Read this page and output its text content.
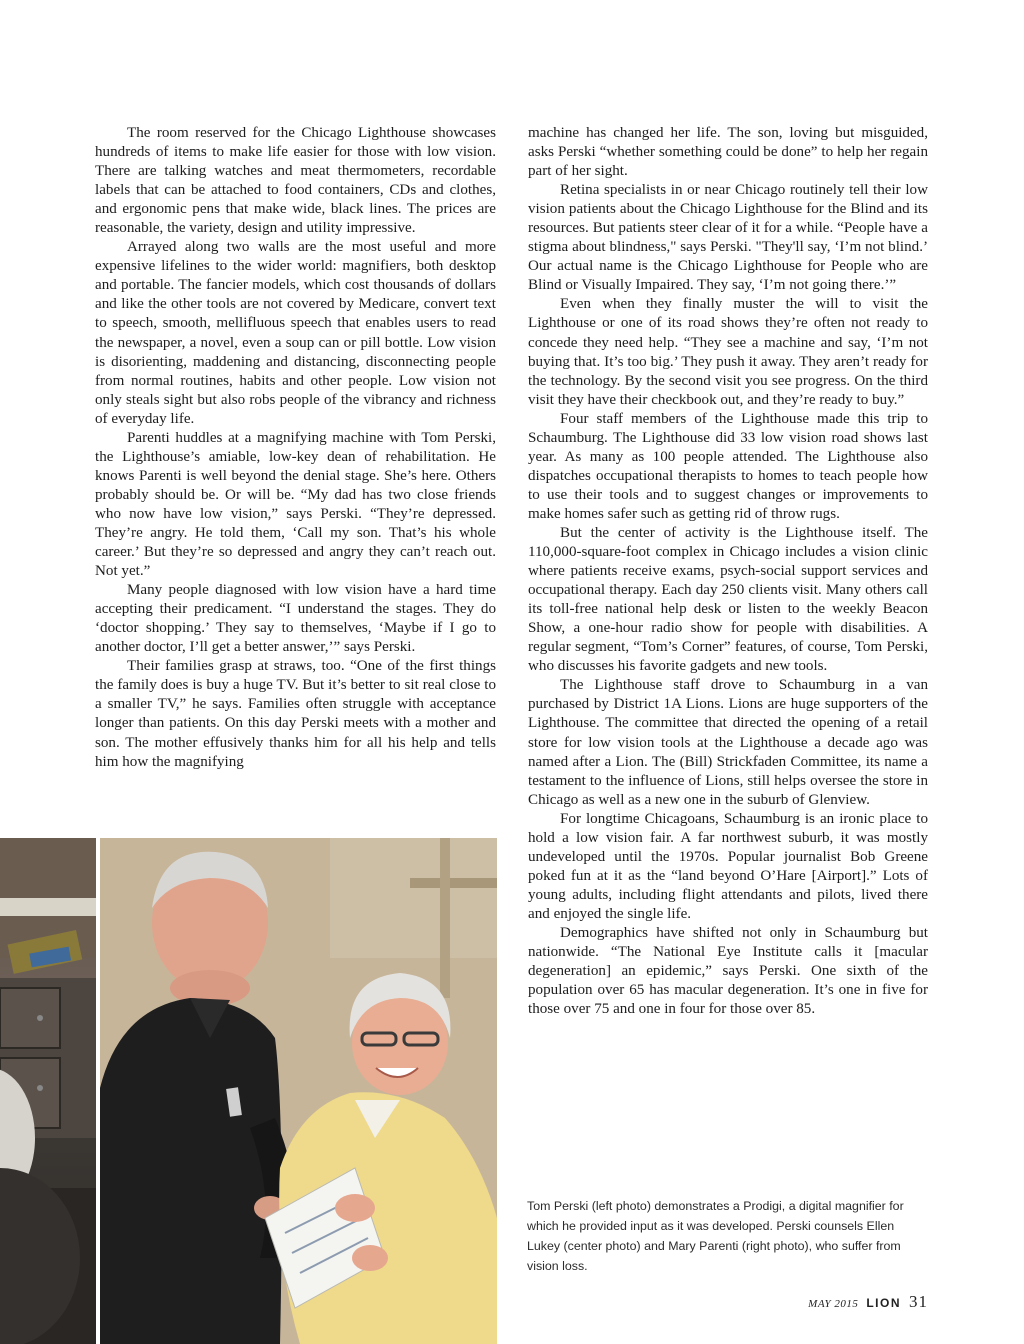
The room reserved for the Chicago Lighthouse showcases hundreds of items to make life easier for those with low vision. There are talking watches and meat thermometers, recordable labels that can be attached to food containers, CDs and clothes, and ergonomic pens that make wide, black lines. The prices are reasonable, the variety, design and utility impressive.

Arrayed along two walls are the most useful and more expensive lifelines to the wider world: magnifiers, both desktop and portable. The fancier models, which cost thousands of dollars and like the other tools are not covered by Medicare, convert text to speech, smooth, mellifluous speech that enables users to read the newspaper, a novel, even a soup can or pill bottle. Low vision is disorienting, maddening and distancing, disconnecting people from normal routines, habits and other people. Low vision not only steals sight but also robs people of the vibrancy and richness of everyday life.

Parenti huddles at a magnifying machine with Tom Perski, the Lighthouse’s amiable, low-key dean of rehabilitation. He knows Parenti is well beyond the denial stage. She’s here. Others probably should be. Or will be. “My dad has two close friends who now have low vision,” says Perski. “They’re depressed. They’re angry. He told them, ‘Call my son. That’s his whole career.’ But they’re so depressed and angry they can’t reach out. Not yet.”

Many people diagnosed with low vision have a hard time accepting their predicament. “I understand the stages. They do ‘doctor shopping.’ They say to themselves, ‘Maybe if I go to another doctor, I’ll get a better answer,’” says Perski.

Their families grasp at straws, too. “One of the first things the family does is buy a huge TV. But it’s better to sit real close to a smaller TV,” he says. Families often struggle with acceptance longer than patients. On this day Perski meets with a mother and son. The mother effusively thanks him for all his help and tells him how the magnifying

machine has changed her life. The son, loving but misguided, asks Perski “whether something could be done” to help her regain part of her sight.

Retina specialists in or near Chicago routinely tell their low vision patients about the Chicago Lighthouse for the Blind and its resources. But patients steer clear of it for a while. “People have a stigma about blindness," says Perski. "They'll say, ‘I’m not blind.’ Our actual name is the Chicago Lighthouse for People who are Blind or Visually Impaired. They say, ‘I’m not going there.’”

Even when they finally muster the will to visit the Lighthouse or one of its road shows they’re often not ready to concede they need help. “They see a machine and say, ‘I’m not buying that. It’s too big.’ They push it away. They aren’t ready for the technology. By the second visit you see progress. On the third visit they have their checkbook out, and they’re ready to buy.”

Four staff members of the Lighthouse made this trip to Schaumburg. The Lighthouse did 33 low vision road shows last year. As many as 100 people attended. The Lighthouse also dispatches occupational therapists to homes to teach people how to use their tools and to suggest changes or improvements to make homes safer such as getting rid of throw rugs.

But the center of activity is the Lighthouse itself. The 110,000-square-foot complex in Chicago includes a vision clinic where patients receive exams, psych-social support services and occupational therapy. Each day 250 clients visit. Many others call its toll-free national help desk or listen to the weekly Beacon Show, a one-hour radio show for people with disabilities. A regular segment, “Tom’s Corner” features, of course, Tom Perski, who discusses his favorite gadgets and new tools.

The Lighthouse staff drove to Schaumburg in a van purchased by District 1A Lions. Lions are huge supporters of the Lighthouse. The committee that directed the opening of a retail store for low vision tools at the Lighthouse a decade ago was named after a Lion. The (Bill) Strickfaden Committee, its name a testament to the influence of Lions, still helps oversee the store in Chicago as well as a new one in the suburb of Glenview.

For longtime Chicagoans, Schaumburg is an ironic place to hold a low vision fair. A far northwest suburb, it was mostly undeveloped until the 1970s. Popular journalist Bob Greene poked fun at it as the “land beyond O’Hare [Airport].” Lots of young adults, including flight attendants and pilots, lived there and enjoyed the single life.

Demographics have shifted not only in Schaumburg but nationwide. “The National Eye Institute calls it [macular degeneration] an epidemic,” says Perski. One sixth of the population over 65 has macular degeneration. It’s one in five for those over 75 and one in four for those over 85.

Tom Perski (left photo) demonstrates a Prodigi, a digital magnifier for which he provided input as it was developed. Perski counsels Ellen Lukey (center photo) and Mary Parenti (right photo), who suffer from vision loss.
MAY 2015 LION 31
